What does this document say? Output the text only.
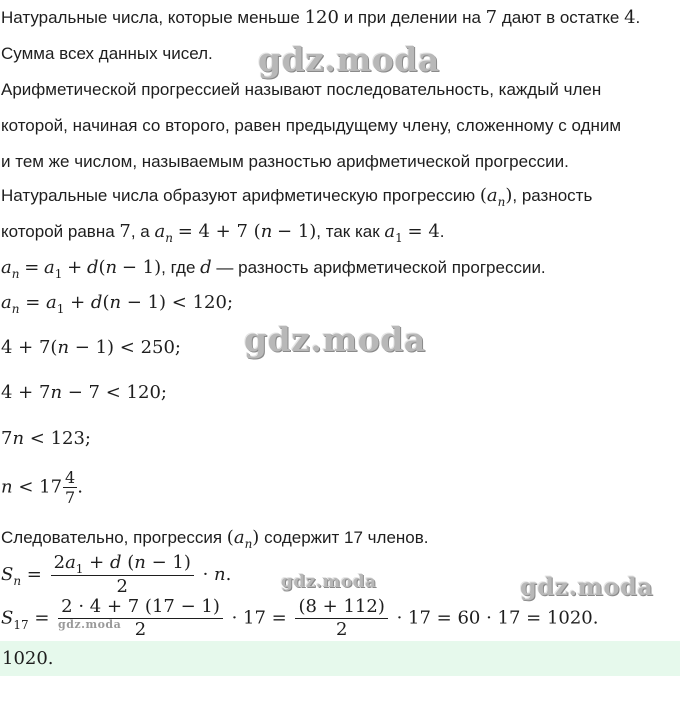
Натуральные числа, которые меньше 120 и при делении на 7 дают в остатке 4.
Сумма всех данных чисел. gdz.moda
Арифметической прогрессией называют последовательность, каждый член
которой, начиная со второго, равен предыдущему члену, сложенному с одним
и тем же числом, называемым разностью арифметической прогрессии.
Натуральные числа образуют арифметическую прогрессию $(a_n)$, разность
которой равна 7, а $a_n = 4 + 7$ (n − 1), так как $a_1 = 4$.
$a_n = a_1 + d(n - 1)$, где d — разность арифметической прогрессии.
$a_n = a_1 + d(n - 1) < 120$;
4 + 7(n − 1) < 250; gdz.moda
4 + 7n − 7 < 120;
7n < 123;
$n < 17 \frac{4}{7}$ .
Следовательно, прогрессия $(a_n)$ содержит 17 членов.
$S_n = \frac{2a_1 + d (n - 1)}{2} \cdot n$.	gdz.moda	gdz.moda
$S_{17} = \frac{2 \cdot 4 + 7 (17 - 1)}{2} \cdot 17 = \frac{(8 + 112)}{2} \cdot 17 = 60 \cdot 17 = 1020$.
gdz.moda
1020.
